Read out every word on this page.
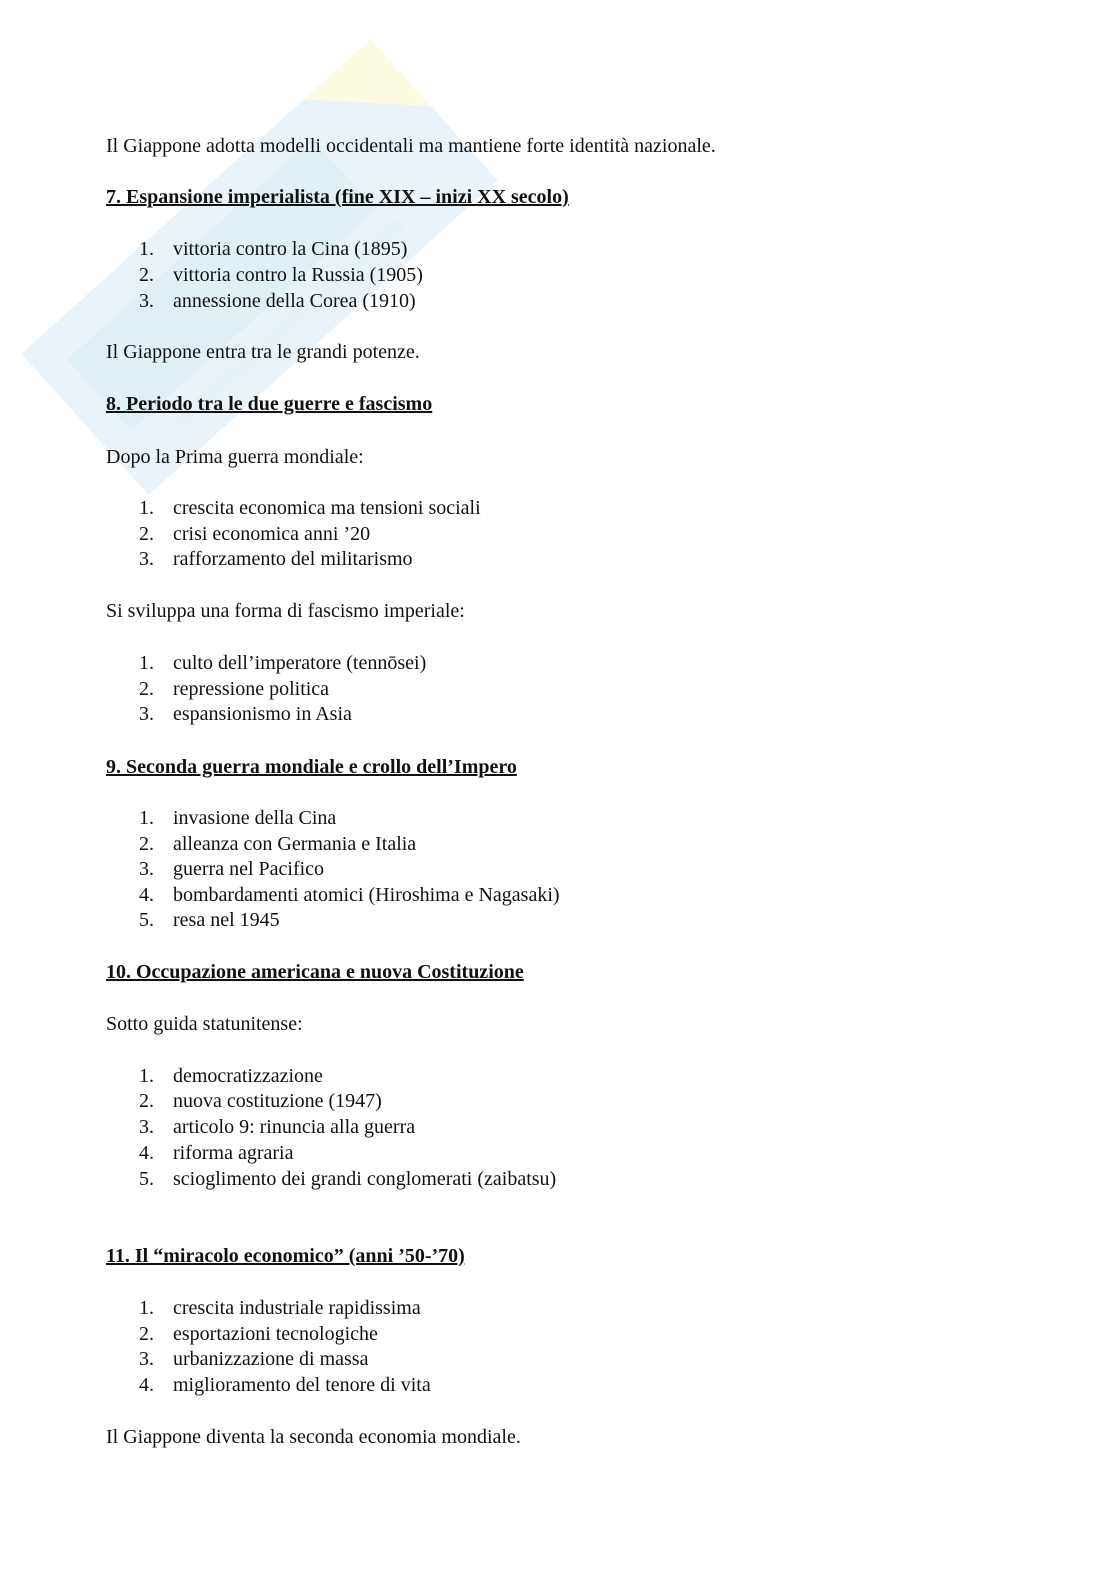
Il Giappone adotta modelli occidentali ma mantiene forte identità nazionale.
7. Espansione imperialista (fine XIX – inizi XX secolo)
1. vittoria contro la Cina (1895)
2. vittoria contro la Russia (1905)
3. annessione della Corea (1910)
Il Giappone entra tra le grandi potenze.
8. Periodo tra le due guerre e fascismo
Dopo la Prima guerra mondiale:
1. crescita economica ma tensioni sociali
2. crisi economica anni ’20
3. rafforzamento del militarismo
Si sviluppa una forma di fascismo imperiale:
1. culto dell’imperatore (tennōsei)
2. repressione politica
3. espansionismo in Asia
9. Seconda guerra mondiale e crollo dell’Impero
1. invasione della Cina
2. alleanza con Germania e Italia
3. guerra nel Pacifico
4. bombardamenti atomici (Hiroshima e Nagasaki)
5. resa nel 1945
10. Occupazione americana e nuova Costituzione
Sotto guida statunitense:
1. democratizzazione
2. nuova costituzione (1947)
3. articolo 9: rinuncia alla guerra
4. riforma agraria
5. scioglimento dei grandi conglomerati (zaibatsu)
11. Il “miracolo economico” (anni ’50-’70)
1. crescita industriale rapidissima
2. esportazioni tecnologiche
3. urbanizzazione di massa
4. miglioramento del tenore di vita
Il Giappone diventa la seconda economia mondiale.
